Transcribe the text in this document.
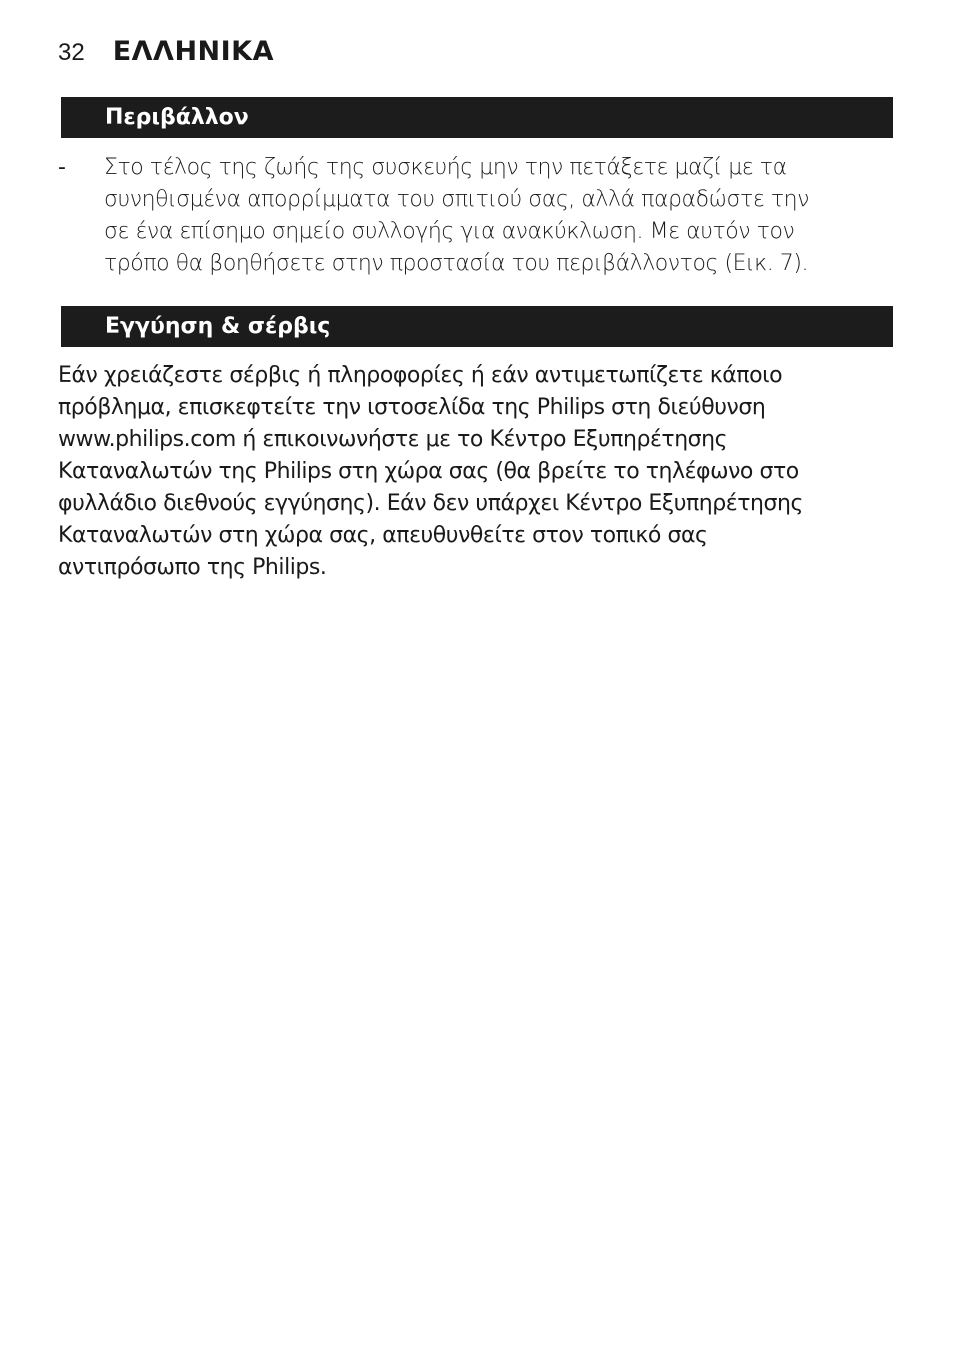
32 ΕΛΛΗΝΙΚΑ
Περιβάλλον
-	Στο τέλος της ζωής της συσκευής μην την πετάξετε μαζί με τα
συνηθισμένα απορρίμματα του σπιτιού σας, αλλά παραδώστε την
σε ένα επίσημο σημείο συλλογής για ανακύκλωση. Με αυτόν τον
τρόπο θα βοηθήσετε στην προστασία του περιβάλλοντος (Εικ. 7).
Εγγύηση & σέρβις
Εάν χρειάζεστε σέρβις ή πληροφορίες ή εάν αντιμετωπίζετε κάποιο
πρόβλημα, επισκεφτείτε την ιστοσελίδα της Philips στη διεύθυνση
www.philips.com ή επικοινωνήστε με το Κέντρο Εξυπηρέτησης
Καταναλωτών της Philips στη χώρα σας (θα βρείτε το τηλέφωνο στο
φυλλάδιο διεθνούς εγγύησης). Εάν δεν υπάρχει Κέντρο Εξυπηρέτησης
Καταναλωτών στη χώρα σας, απευθυνθείτε στον τοπικό σας
αντιπρόσωπο της Philips.
